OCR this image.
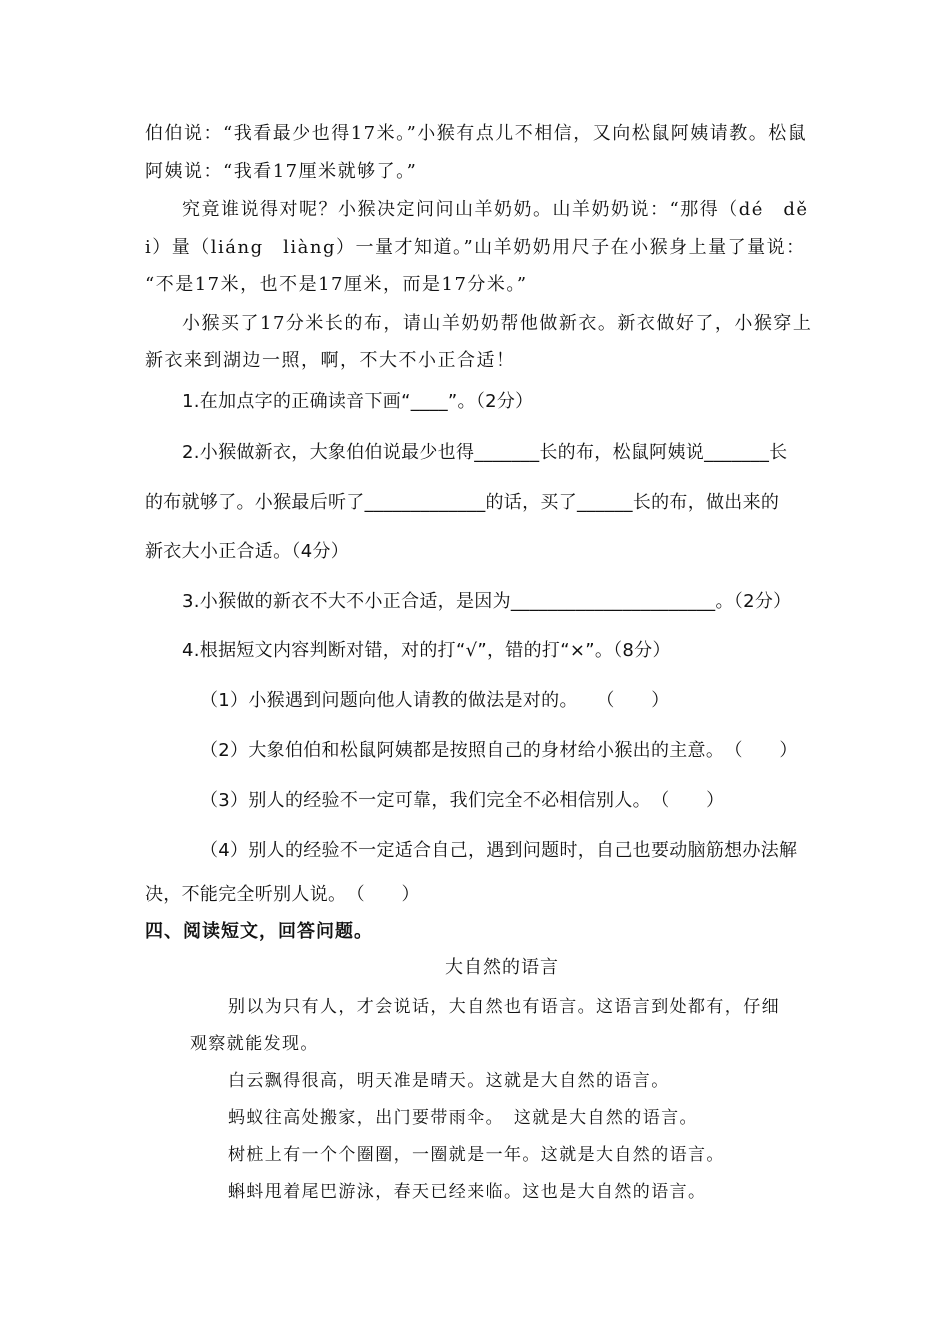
伯伯说：“我看最少也得17米。”小猴有点儿不相信，又向松鼠阿姨请教。松鼠
阿姨说：“我看17厘米就够了。”
究竟谁说得对呢？小猴决定问问山羊奶奶。山羊奶奶说：“那得（dé　dě
i）量（liáng　liàng）一量才知道。”山羊奶奶用尺子在小猴身上量了量说：
“不是17米，也不是17厘米，而是17分米。”
小猴买了17分米长的布，请山羊奶奶帮他做新衣。新衣做好了，小猴穿上
新衣来到湖边一照，啊，不大不小正合适！
1.在加点字的正确读音下画“____”。（2分）
2.小猴做新衣，大象伯伯说最少也得_______长的布，松鼠阿姨说_______长
的布就够了。小猴最后听了_____________的话，买了______长的布，做出来的
新衣大小正合适。（4分）
3.小猴做的新衣不大不小正合适，是因为______________________。（2分）
4.根据短文内容判断对错，对的打“√”，错的打“×”。（8分）
（1）小猴遇到问题向他人请教的做法是对的。　　（　　）
（2）大象伯伯和松鼠阿姨都是按照自己的身材给小猴出的主意。　（　　）
（3）别人的经验不一定可靠，我们完全不必相信别人。　（　　）
（4）别人的经验不一定适合自己，遇到问题时，自己也要动脑筋想办法解
决，不能完全听别人说。　（　　）
四、阅读短文，回答问题。
大自然的语言
别以为只有人，才会说话，大自然也有语言。这语言到处都有，仔细
观察就能发现。
白云飘得很高，明天准是晴天。这就是大自然的语言。
蚂蚁往高处搬家，出门要带雨伞。　这就是大自然的语言。
树桩上有一个个圈圈，一圈就是一年。这就是大自然的语言。
蝌蚪甩着尾巴游泳，春天已经来临。这也是大自然的语言。
